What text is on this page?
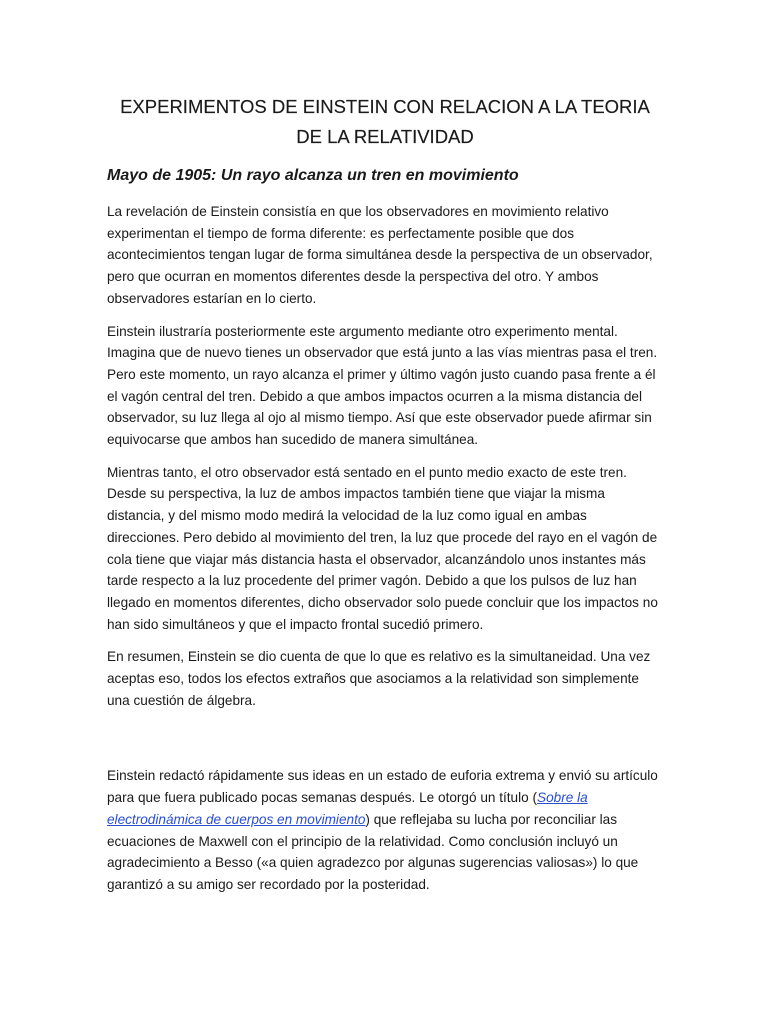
EXPERIMENTOS DE EINSTEIN CON RELACION A LA TEORIA DE LA RELATIVIDAD
Mayo de 1905: Un rayo alcanza un tren en movimiento

La revelación de Einstein consistía en que los observadores en movimiento relativo experimentan el tiempo de forma diferente: es perfectamente posible que dos acontecimientos tengan lugar de forma simultánea desde la perspectiva de un observador, pero que ocurran en momentos diferentes desde la perspectiva del otro. Y ambos observadores estarían en lo cierto.

Einstein ilustraría posteriormente este argumento mediante otro experimento mental. Imagina que de nuevo tienes un observador que está junto a las vías mientras pasa el tren. Pero este momento, un rayo alcanza el primer y último vagón justo cuando pasa frente a él el vagón central del tren. Debido a que ambos impactos ocurren a la misma distancia del observador, su luz llega al ojo al mismo tiempo. Así que este observador puede afirmar sin equivocarse que ambos han sucedido de manera simultánea.

Mientras tanto, el otro observador está sentado en el punto medio exacto de este tren. Desde su perspectiva, la luz de ambos impactos también tiene que viajar la misma distancia, y del mismo modo medirá la velocidad de la luz como igual en ambas direcciones. Pero debido al movimiento del tren, la luz que procede del rayo en el vagón de cola tiene que viajar más distancia hasta el observador, alcanzándolo unos instantes más tarde respecto a la luz procedente del primer vagón. Debido a que los pulsos de luz han llegado en momentos diferentes, dicho observador solo puede concluir que los impactos no han sido simultáneos y que el impacto frontal sucedió primero.

En resumen, Einstein se dio cuenta de que lo que es relativo es la simultaneidad. Una vez aceptas eso, todos los efectos extraños que asociamos a la relatividad son simplemente una cuestión de álgebra.

Einstein redactó rápidamente sus ideas en un estado de euforia extrema y envió su artículo para que fuera publicado pocas semanas después. Le otorgó un título (Sobre la electrodinámica de cuerpos en movimiento) que reflejaba su lucha por reconciliar las ecuaciones de Maxwell con el principio de la relatividad. Como conclusión incluyó un agradecimiento a Besso («a quien agradezco por algunas sugerencias valiosas») lo que garantizó a su amigo ser recordado por la posteridad.
